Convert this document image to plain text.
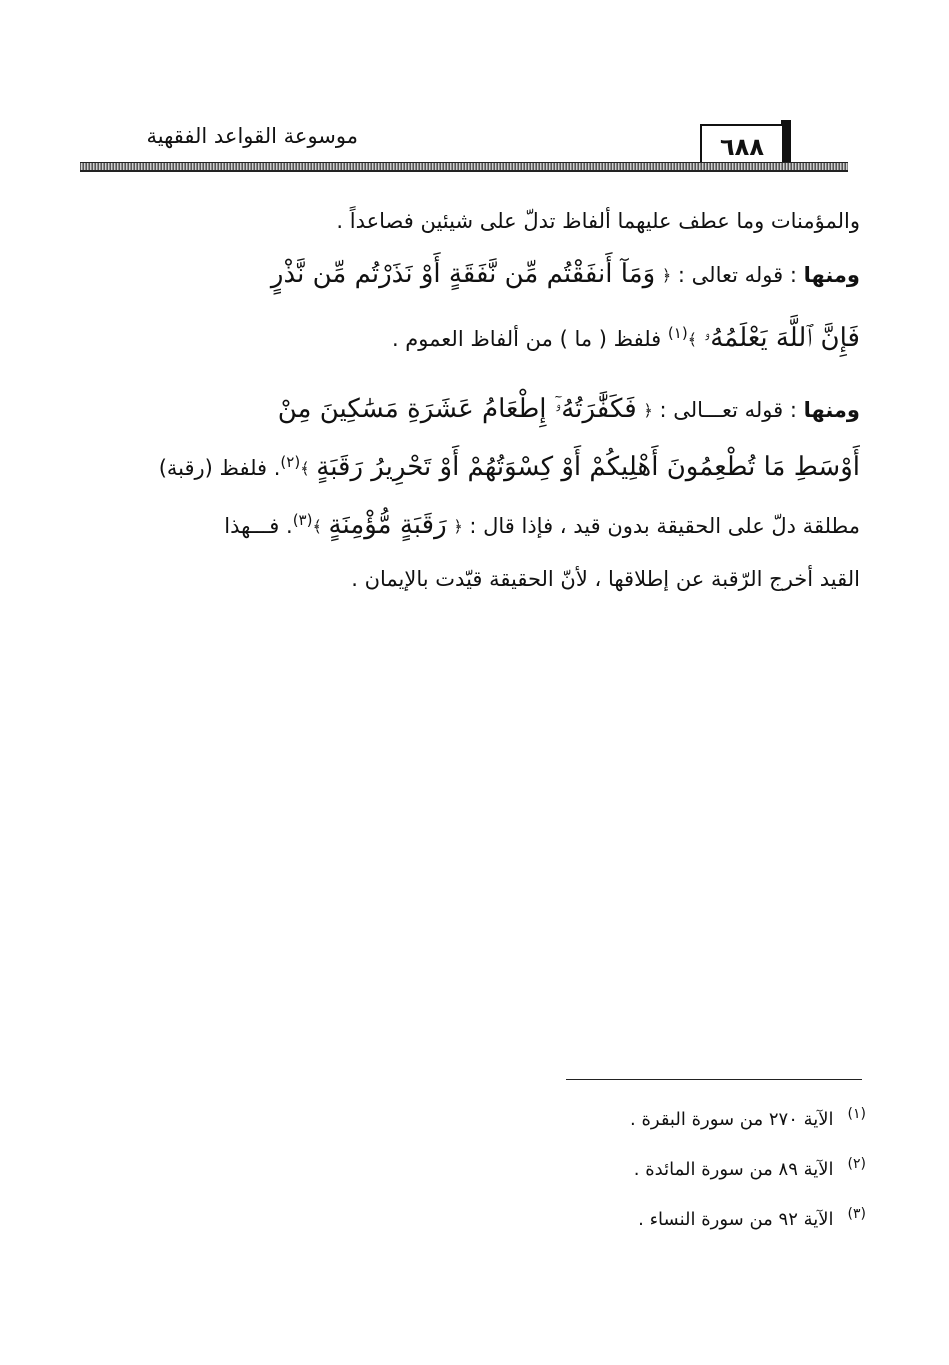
٦٨٨
موسوعة القواعد الفقهية
والمؤمنات وما عطف عليهما ألفاظ تدلّ على شيئين فصاعداً .
ومنها : قوله تعالى : ﴿ وَمَآ أَنفَقْتُم مِّن نَّفَقَةٍ أَوْ نَذَرْتُم مِّن نَّذْرٍ
فَإِنَّ ٱللَّهَ يَعْلَمُهُۥ ﴾$^{(١)}$ فلفظ ( ما ) من ألفاظ العموم .
ومنها : قوله تعـــالى : ﴿ فَكَفَّٰرَتُهُۥٓ إِطْعَامُ عَشَرَةِ مَسَٰكِينَ مِنْ
أَوْسَطِ مَا تُطْعِمُونَ أَهْلِيكُمْ أَوْ كِسْوَتُهُمْ أَوْ تَحْرِيرُ رَقَبَةٍ ﴾$^{(٢)}$. فلفظ (رقبة)
مطلقة دلّ على الحقيقة بدون قيد ، فإذا قال : ﴿ رَقَبَةٍ مُّؤْمِنَةٍ ﴾$^{(٣)}$. فـــهذا
القيد أخرج الرّقبة عن إطلاقها ، لأنّ الحقيقة قيّدت بالإيمان .
$^{(١)}$الآية ٢٧٠ من سورة البقرة .
$^{(٢)}$الآية ٨٩ من سورة المائدة .
$^{(٣)}$الآية ٩٢ من سورة النساء .
